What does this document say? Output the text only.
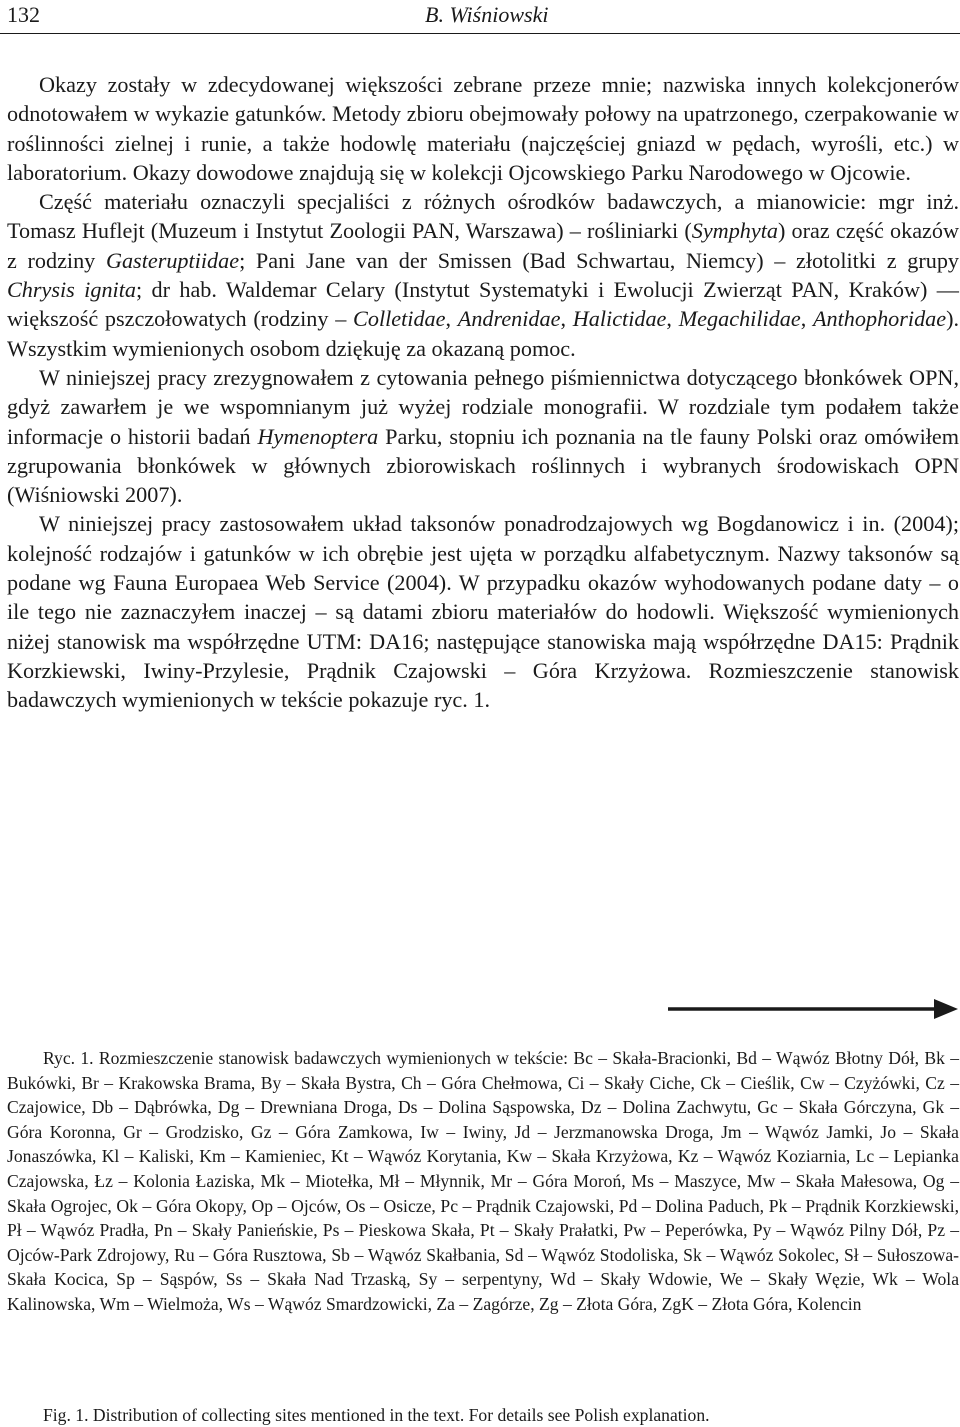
132	B. Wiśniowski

Okazy zostały w zdecydowanej większości zebrane przeze mnie; nazwiska innych kolekcjonerów odnotowałem w wykazie gatunków. Metody zbioru obejmowały połowy na upatrzonego, czerpakowanie w roślinności zielnej i runie, a także hodowlę materiału (najczęściej gniazd w pędach, wyrośli, etc.) w laboratorium. Okazy dowodowe znajdują się w kolekcji Ojcowskiego Parku Narodowego w Ojcowie.

Część materiału oznaczyli specjaliści z różnych ośrodków badawczych, a mianowicie: mgr inż. Tomasz Huflejt (Muzeum i Instytut Zoologii PAN, Warszawa) – rośliniarki (Symphyta) oraz część okazów z rodziny Gasteruptiidae; Pani Jane van der Smissen (Bad Schwartau, Niemcy) – złotolitki z grupy Chrysis ignita; dr hab. Waldemar Celary (Instytut Systematyki i Ewolucji Zwierząt PAN, Kraków) — większość pszczołowatych (rodziny – Colletidae, Andrenidae, Halictidae, Megachilidae, Anthophoridae). Wszystkim wymienionych osobom dziękuję za okazaną pomoc.

W niniejszej pracy zrezygnowałem z cytowania pełnego piśmiennictwa dotyczącego błonkówek OPN, gdyż zawarłem je we wspomnianym już wyżej rodziale monografii. W rozdziale tym podałem także informacje o historii badań Hymenoptera Parku, stopniu ich poznania na tle fauny Polski oraz omówiłem zgrupowania błonkówek w głównych zbiorowiskach roślinnych i wybranych środowiskach OPN (Wiśniowski 2007).

W niniejszej pracy zastosowałem układ taksonów ponadrodzajowych wg Bogdanowicz i in. (2004); kolejność rodzajów i gatunków w ich obrębie jest ujęta w porządku alfabetycznym. Nazwy taksonów są podane wg Fauna Europaea Web Service (2004). W przypadku okazów wyhodowanych podane daty – o ile tego nie zaznaczyłem inaczej – są datami zbioru materiałów do hodowli. Większość wymienionych niżej stanowisk ma współrzędne UTM: DA16; następujące stanowiska mają współrzędne DA15: Prądnik Korzkiewski, Iwiny-Przylesie, Prądnik Czajowski – Góra Krzyżowa. Rozmieszczenie stanowisk badawczych wymienionych w tekście pokazuje ryc. 1.

Ryc. 1. Rozmieszczenie stanowisk badawczych wymienionych w tekście: Bc – Skała-Bracionki, Bd – Wąwóz Błotny Dół, Bk – Bukówki, Br – Krakowska Brama, By – Skała Bystra, Ch – Góra Chełmowa, Ci – Skały Ciche, Ck – Cieślik, Cw – Czyżówki, Cz – Czajowice, Db – Dąbrówka, Dg – Drewniana Droga, Ds – Dolina Sąspowska, Dz – Dolina Zachwytu, Gc – Skała Górczyna, Gk – Góra Koronna, Gr – Grodzisko, Gz – Góra Zamkowa, Iw – Iwiny, Jd – Jerzmanowska Droga, Jm – Wąwóz Jamki, Jo – Skała Jonaszówka, Kl – Kaliski, Km – Kamieniec, Kt – Wąwóz Korytania, Kw – Skała Krzyżowa, Kz – Wąwóz Koziarnia, Lc – Lepianka Czajowska, Łz – Kolonia Łaziska, Mk – Miotełka, Mł – Młynnik, Mr – Góra Moroń, Ms – Maszyce, Mw – Skała Małesowa, Og – Skała Ogrojec, Ok – Góra Okopy, Op – Ojców, Os – Osicze, Pc – Prądnik Czajowski, Pd – Dolina Paduch, Pk – Prądnik Korzkiewski, Pł – Wąwóz Pradła, Pn – Skały Panieńskie, Ps – Pieskowa Skała, Pt – Skały Prałatki, Pw – Peperówka, Py – Wąwóz Pilny Dół, Pz – Ojców-Park Zdrojowy, Ru – Góra Rusztowa, Sb – Wąwóz Skałbania, Sd – Wąwóz Stodoliska, Sk – Wąwóz Sokolec, Sł – Sułoszowa-Skała Kocica, Sp – Sąspów, Ss – Skała Nad Trzaską, Sy – serpentyny, Wd – Skały Wdowie, We – Skały Węzie, Wk – Wola Kalinowska, Wm – Wielmoża, Ws – Wąwóz Smardzowicki, Za – Zagórze, Zg – Złota Góra, ZgK – Złota Góra, Kolencin

Fig. 1. Distribution of collecting sites mentioned in the text. For details see Polish explanation.
